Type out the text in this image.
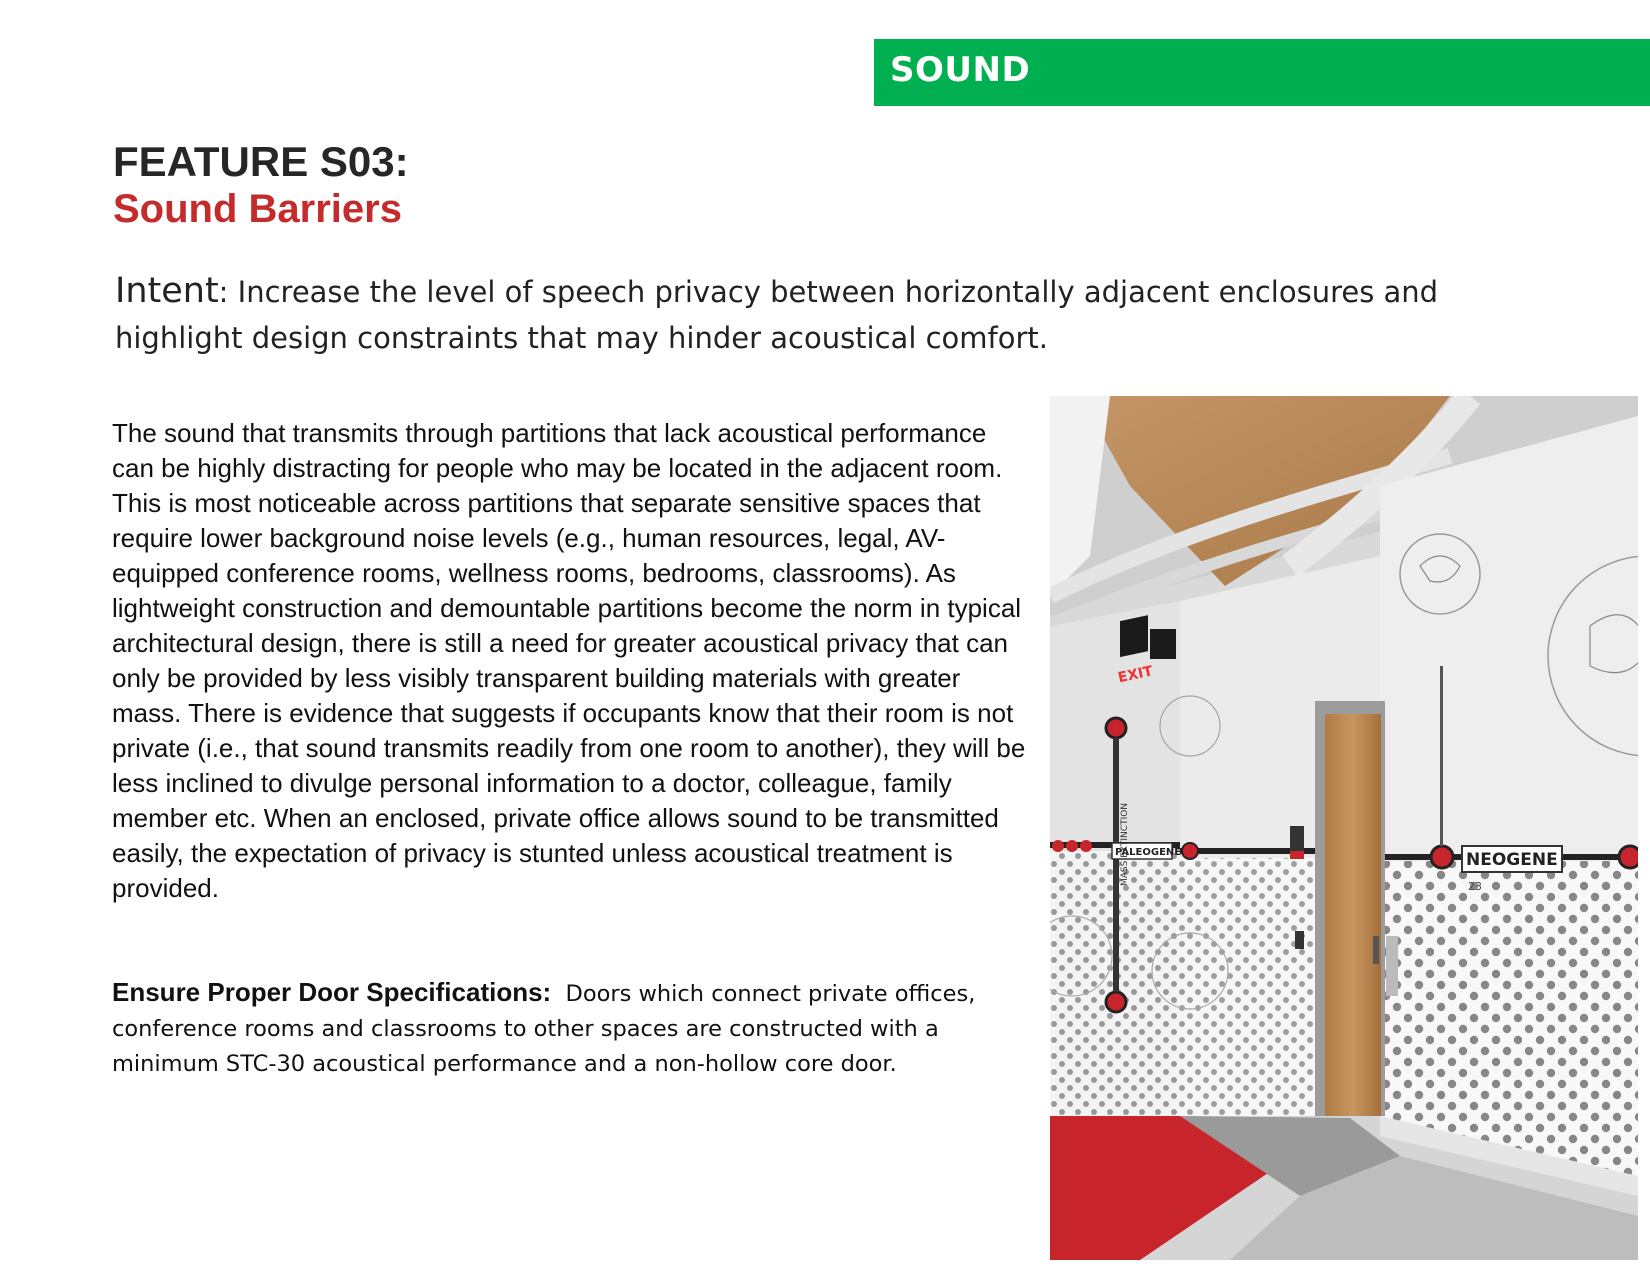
SOUND
FEATURE S03:
Sound Barriers
Intent: Increase the level of speech privacy between horizontally adjacent enclosures and highlight design constraints that may hinder acoustical comfort.
The sound that transmits through partitions that lack acoustical performance can be highly distracting for people who may be located in the adjacent room. This is most noticeable across partitions that separate sensitive spaces that require lower background noise levels (e.g., human resources, legal, AV-equipped conference rooms, wellness rooms, bedrooms, classrooms). As lightweight construction and demountable partitions become the norm in typical architectural design, there is still a need for greater acoustical privacy that can only be provided by less visibly transparent building materials with greater mass. There is evidence that suggests if occupants know that their room is not private (i.e., that sound transmits readily from one room to another), they will be less inclined to divulge personal information to a doctor, colleague, family member etc. When an enclosed, private office allows sound to be transmitted easily, the expectation of privacy is stunted unless acoustical treatment is provided.
Ensure Proper Door Specifications: Doors which connect private offices, conference rooms and classrooms to other spaces are constructed with a minimum STC-30 acoustical performance and a non-hollow core door.
PALEOGENE	NEOGENE
23
MASS EXTINCTION
EXIT
